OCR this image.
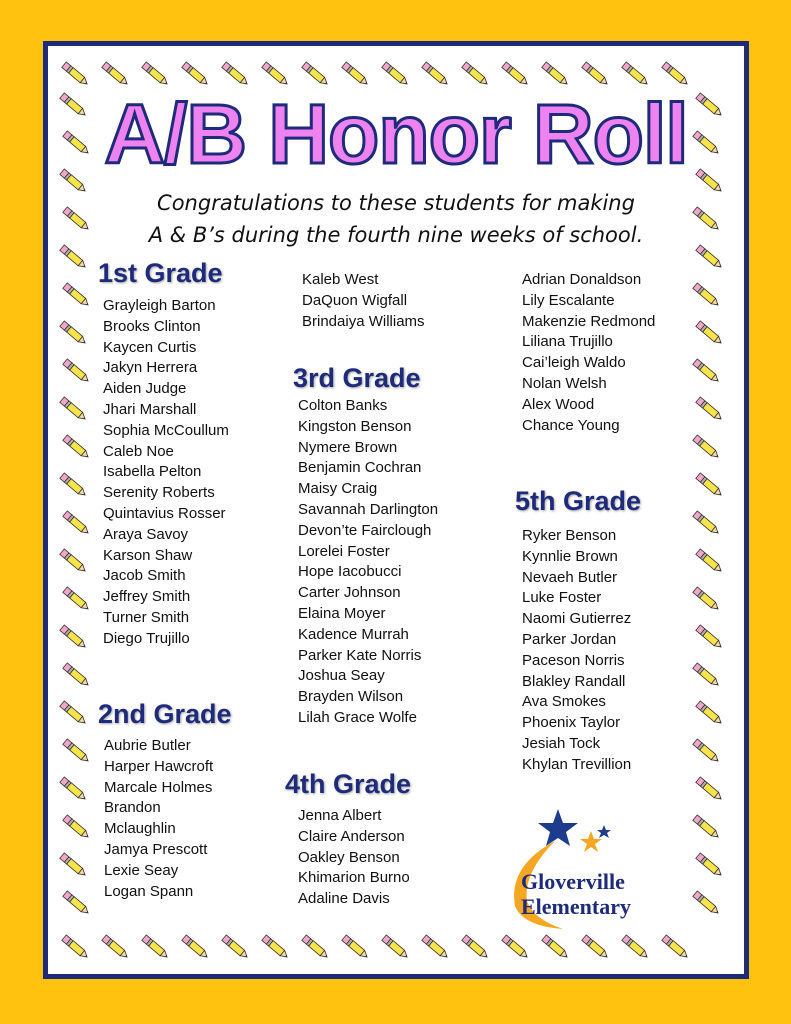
A/B Honor Roll
Congratulations to these students for making
A & B’s during the fourth nine weeks of school.
1st Grade
Grayleigh Barton
Brooks Clinton
Kaycen Curtis
Jakyn Herrera
Aiden Judge
Jhari Marshall
Sophia McCoullum
Caleb Noe
Isabella Pelton
Serenity Roberts
Quintavius Rosser
Araya Savoy
Karson Shaw
Jacob Smith
Jeffrey Smith
Turner Smith
Diego Trujillo
2nd Grade
Aubrie Butler
Harper Hawcroft
Marcale Holmes
Brandon
Mclaughlin
Jamya Prescott
Lexie Seay
Logan Spann
Kaleb West
DaQuon Wigfall
Brindaiya Williams
3rd Grade
Colton Banks
Kingston Benson
Nymere Brown
Benjamin Cochran
Maisy Craig
Savannah Darlington
Devon’te Fairclough
Lorelei Foster
Hope Iacobucci
Carter Johnson
Elaina Moyer
Kadence Murrah
Parker Kate Norris
Joshua Seay
Brayden Wilson
Lilah Grace Wolfe
4th Grade
Jenna Albert
Claire Anderson
Oakley Benson
Khimarion Burno
Adaline Davis
Adrian Donaldson
Lily Escalante
Makenzie Redmond
Liliana Trujillo
Cai’leigh Waldo
Nolan Welsh
Alex Wood
Chance Young
5th Grade
Ryker Benson
Kynnlie Brown
Nevaeh Butler
Luke Foster
Naomi Gutierrez
Parker Jordan
Paceson Norris
Blakley Randall
Ava Smokes
Phoenix Taylor
Jesiah Tock
Khylan Trevillion
Gloverville
Elementary
